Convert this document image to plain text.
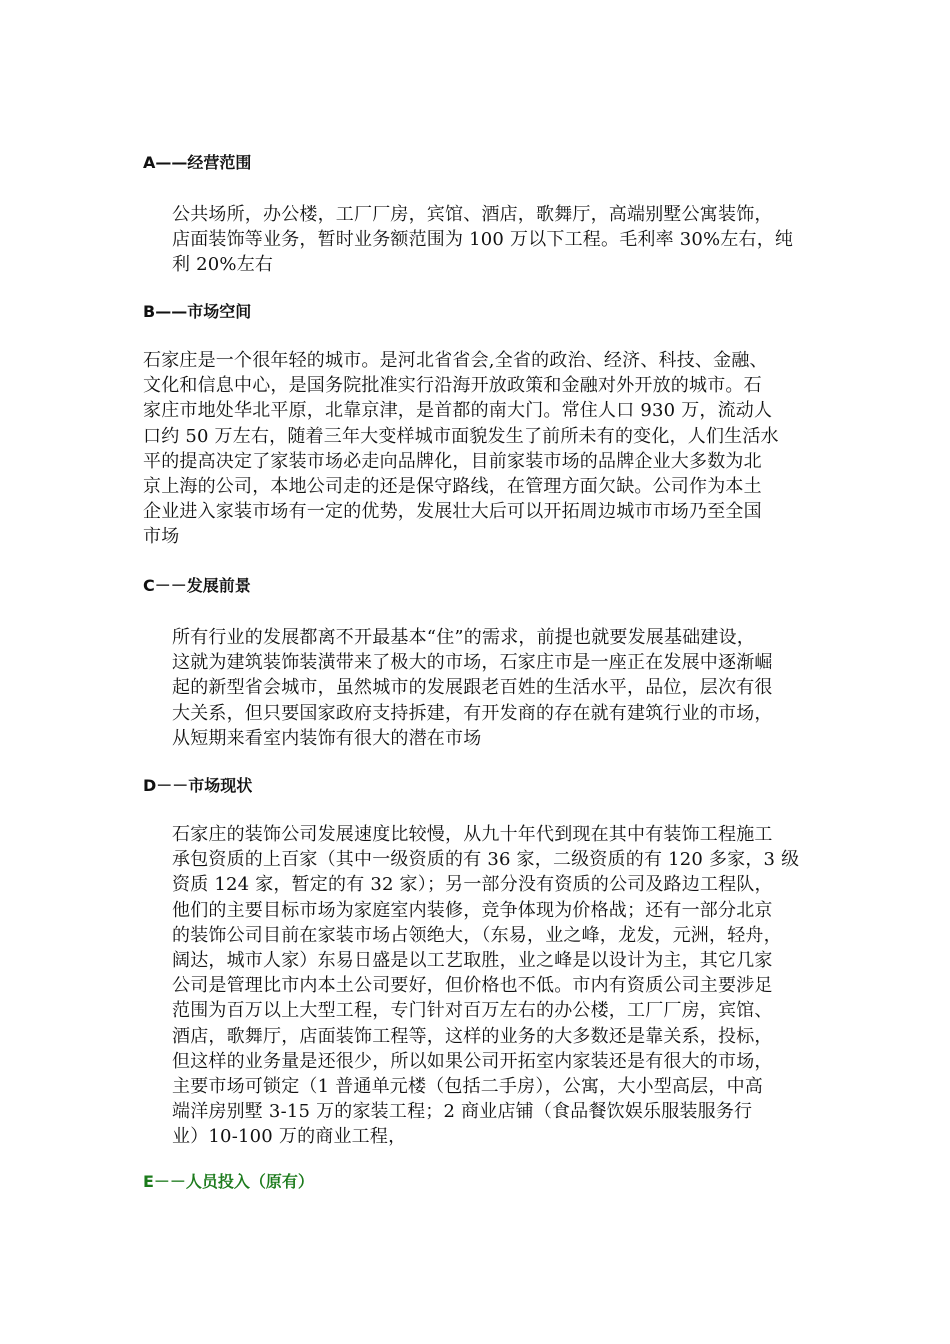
A——经营范围
公共场所，办公楼，工厂厂房，宾馆、酒店，歌舞厅，高端别墅公寓装饰，
店面装饰等业务，暂时业务额范围为 100 万以下工程。毛利率 30%左右，纯
利 20%左右
B——市场空间
石家庄是一个很年轻的城市。是河北省省会,全省的政治、经济、科技、金融、
文化和信息中心，是国务院批准实行沿海开放政策和金融对外开放的城市。石
家庄市地处华北平原，北靠京津，是首都的南大门。常住人口 930 万，流动人
口约 50 万左右，随着三年大变样城市面貌发生了前所未有的变化，人们生活水
平的提高决定了家装市场必走向品牌化，目前家装市场的品牌企业大多数为北
京上海的公司，本地公司走的还是保守路线，在管理方面欠缺。公司作为本土
企业进入家装市场有一定的优势，发展壮大后可以开拓周边城市市场乃至全国
市场
C－－发展前景
所有行业的发展都离不开最基本“住”的需求，前提也就要发展基础建设，
这就为建筑装饰装潢带来了极大的市场，石家庄市是一座正在发展中逐渐崛
起的新型省会城市，虽然城市的发展跟老百姓的生活水平，品位，层次有很
大关系，但只要国家政府支持拆建，有开发商的存在就有建筑行业的市场，
从短期来看室内装饰有很大的潜在市场
D－－市场现状
石家庄的装饰公司发展速度比较慢，从九十年代到现在其中有装饰工程施工
承包资质的上百家（其中一级资质的有 36 家，二级资质的有 120 多家，3 级
资质 124 家，暂定的有 32 家）；另一部分没有资质的公司及路边工程队，
他们的主要目标市场为家庭室内装修，竞争体现为价格战；还有一部分北京
的装饰公司目前在家装市场占领绝大，（东易，业之峰，龙发，元洲，轻舟，
阔达，城市人家）东易日盛是以工艺取胜，业之峰是以设计为主，其它几家
公司是管理比市内本土公司要好，但价格也不低。市内有资质公司主要涉足
范围为百万以上大型工程，专门针对百万左右的办公楼，工厂厂房，宾馆、
酒店，歌舞厅，店面装饰工程等，这样的业务的大多数还是靠关系，投标，
但这样的业务量是还很少，所以如果公司开拓室内家装还是有很大的市场，
主要市场可锁定（1 普通单元楼（包括二手房），公寓，大小型高层，中高
端洋房别墅 3-15 万的家装工程；2 商业店铺（食品餐饮娱乐服装服务行
业）10-100 万的商业工程，
E－－人员投入（原有）
